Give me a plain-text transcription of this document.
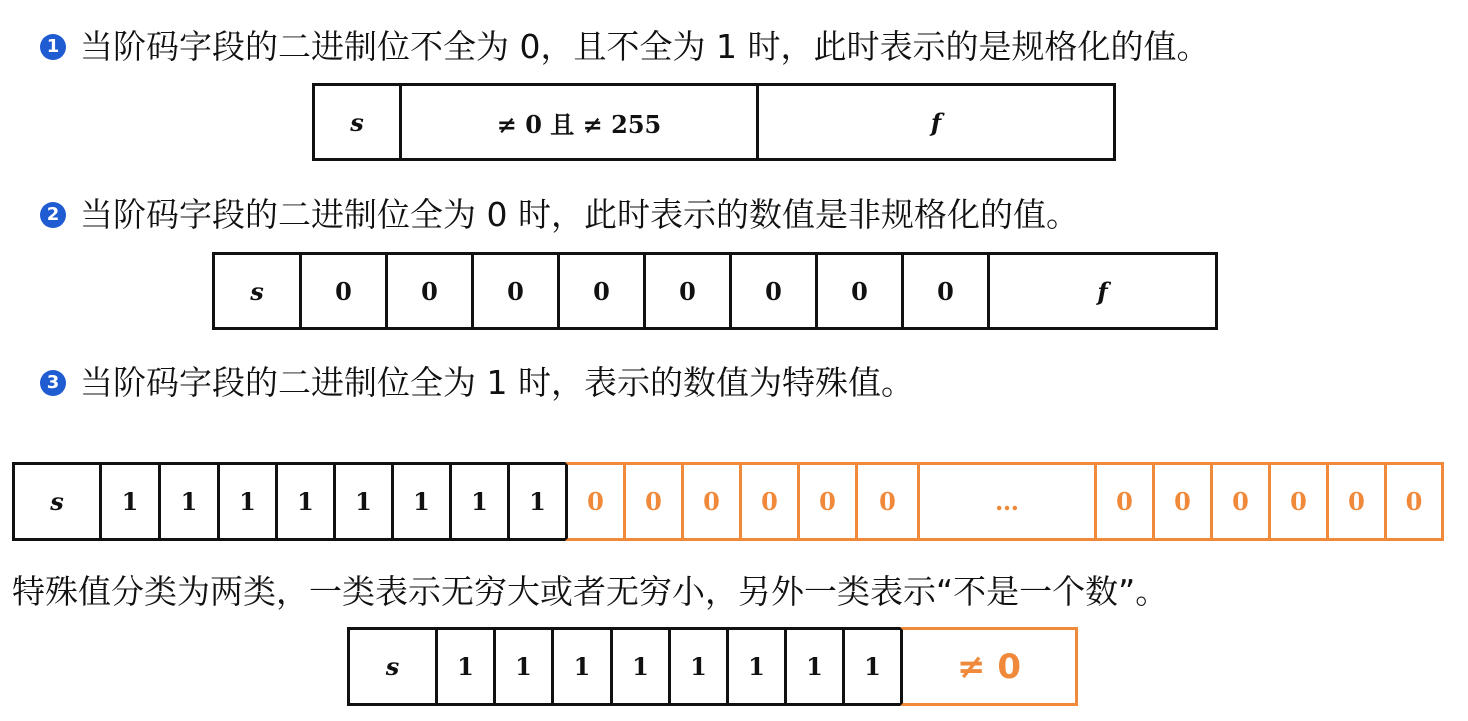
1 当阶码字段的二进制位不全为 0，且不全为 1 时，此时表示的是规格化的值。
s	≠ 0 且 ≠ 255	f
2 当阶码字段的二进制位全为 0 时，此时表示的数值是非规格化的值。
s	0	0	0	0	0	0	0	0	f
3 当阶码字段的二进制位全为 1 时，表示的数值为特殊值。
s	1	1	1	1	1	1	1	1	0	0	0	0	0	0	…	0	0	0	0	0	0
特殊值分类为两类，一类表示无穷大或者无穷小，另外一类表示“不是一个数”。
s	1	1	1	1	1	1	1	1	≠ 0
